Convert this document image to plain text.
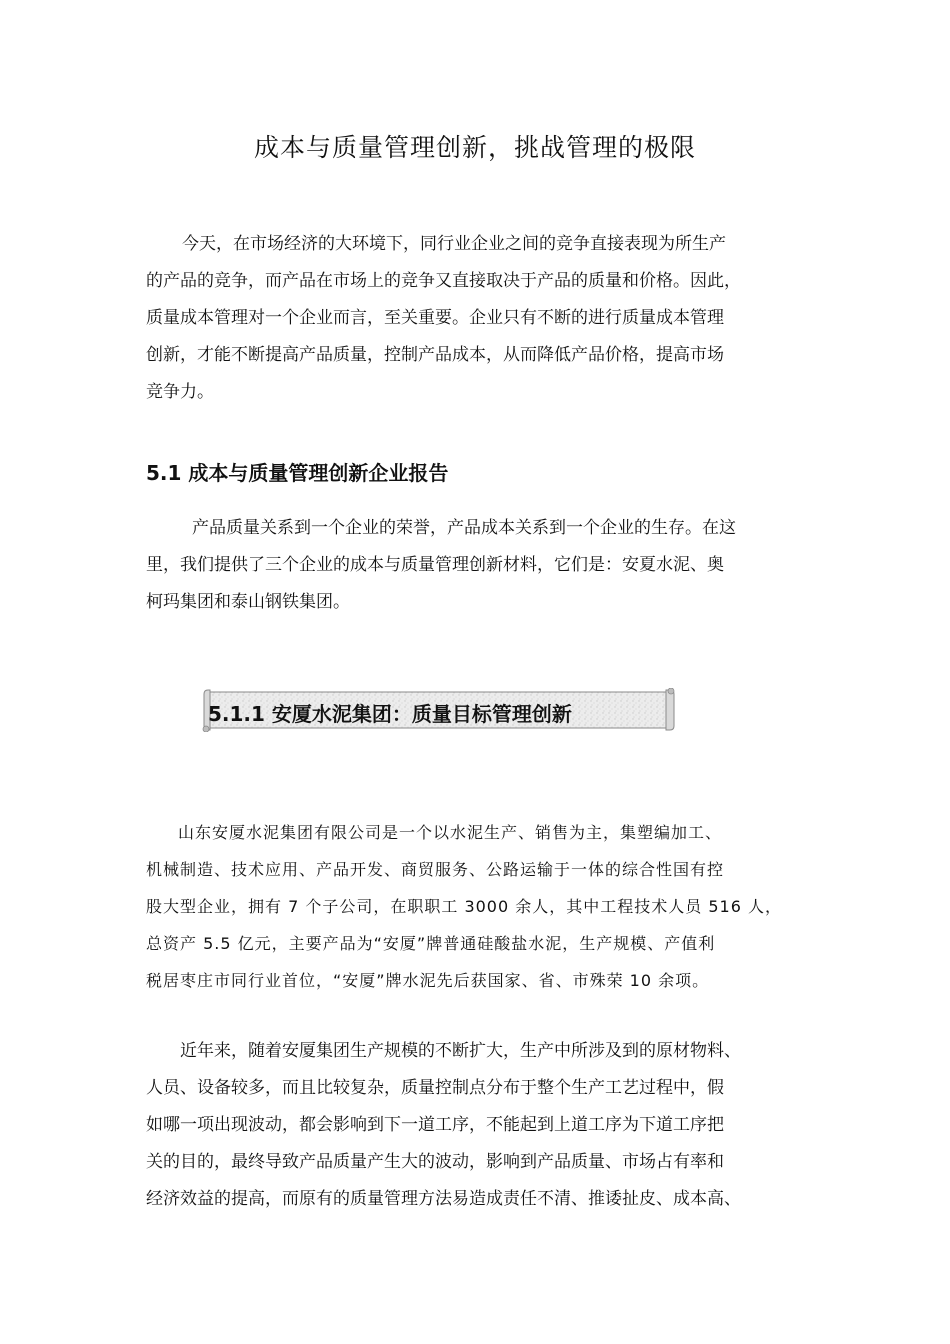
成本与质量管理创新，挑战管理的极限

今天，在市场经济的大环境下，同行业企业之间的竞争直接表现为所生产
的产品的竞争，而产品在市场上的竞争又直接取决于产品的质量和价格。因此，
质量成本管理对一个企业而言，至关重要。企业只有不断的进行质量成本管理
创新，才能不断提高产品质量，控制产品成本，从而降低产品价格，提高市场
竞争力。

5.1 成本与质量管理创新企业报告

产品质量关系到一个企业的荣誉，产品成本关系到一个企业的生存。在这
里，我们提供了三个企业的成本与质量管理创新材料，它们是：安夏水泥、奥
柯玛集团和泰山钢铁集团。

5.1.1 安厦水泥集团：质量目标管理创新

山东安厦水泥集团有限公司是一个以水泥生产、销售为主，集塑编加工、
机械制造、技术应用、产品开发、商贸服务、公路运输于一体的综合性国有控
股大型企业，拥有 7 个子公司，在职职工 3000 余人，其中工程技术人员 516 人，
总资产 5.5 亿元，主要产品为“安厦”牌普通硅酸盐水泥，生产规模、产值利
税居枣庄市同行业首位，“安厦”牌水泥先后获国家、省、市殊荣 10 余项。

近年来，随着安厦集团生产规模的不断扩大，生产中所涉及到的原材物料、
人员、设备较多，而且比较复杂，质量控制点分布于整个生产工艺过程中，假
如哪一项出现波动，都会影响到下一道工序，不能起到上道工序为下道工序把
关的目的，最终导致产品质量产生大的波动，影响到产品质量、市场占有率和
经济效益的提高，而原有的质量管理方法易造成责任不清、推诿扯皮、成本高、
